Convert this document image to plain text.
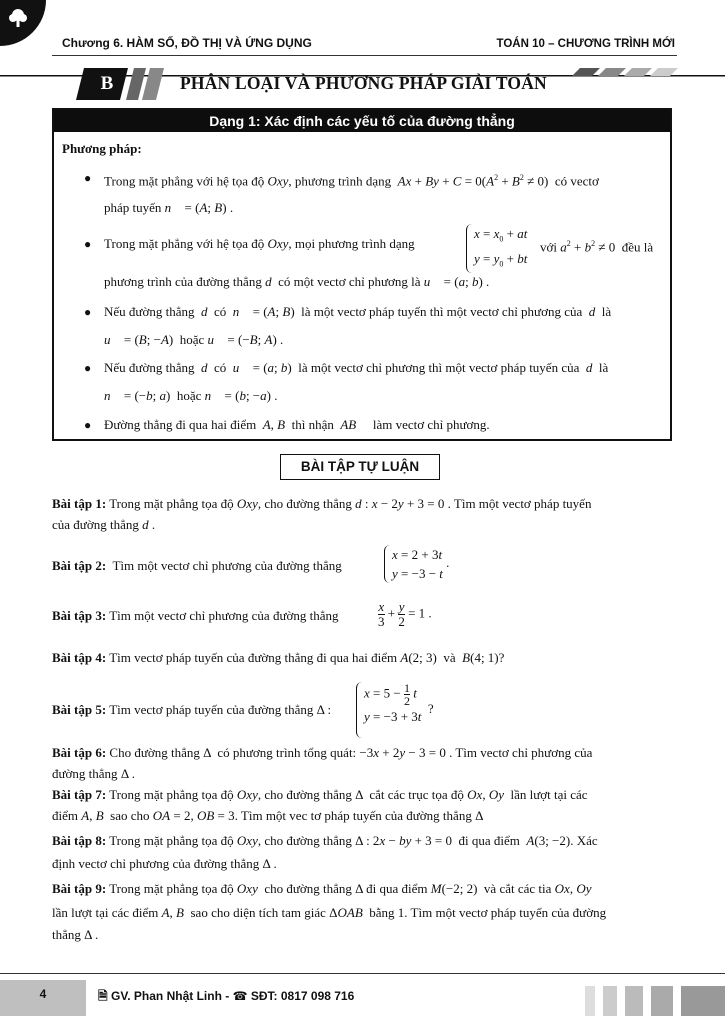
Chương 6. HÀM SỐ, ĐỒ THỊ VÀ ỨNG DỤNG	TOÁN 10 – CHƯƠNG TRÌNH MỚI
B	PHÂN LOẠI VÀ PHƯƠNG PHÁP GIẢI TOÁN
Dạng 1: Xác định các yếu tố của đường thẳng
Phương pháp:
● Trong mặt phẳng với hệ tọa độ Oxy, phương trình dạng $Ax + By + C = 0(A^2 + B^2 \ne 0)$  có vectơ
pháp tuyến n⃗ = (A; B) .
● Trong mặt phẳng với hệ tọa độ Oxy, mọi phương trình dạng
$x = x_0$ + at
$y = y_0$ + bt
với $a^2 + b^2 \ne 0$  đều là
phương trình của đường thẳng d có một vectơ chỉ phương là u⃗ = (a; b) .
● Nếu đường thẳng d có n⃗ = (A; B)  là một vectơ pháp tuyến thì một vectơ chỉ phương của d là
u⃗ = (B; −A)  hoặc u⃗ = (−B; A) .
● Nếu đường thẳng d có u⃗ = (a; b)  là một vectơ chỉ phương thì một vectơ pháp tuyến của d là
n⃗ = (−b; a)  hoặc n⃗ = (b; −a) .
● Đường thẳng đi qua hai điểm A, B thì nhận AB⃗ làm vectơ chỉ phương.
BÀI TẬP TỰ LUẬN
Bài tập 1: Trong mặt phẳng tọa độ Oxy, cho đường thẳng d : x − 2y + 3 = 0 . Tìm một vectơ pháp tuyến
của đường thẳng d .
Bài tập 2: Tìm một vectơ chỉ phương của đường thẳng
x = 2 + 3t
y = −3 − t .
Bài tập 3: Tìm một vectơ chỉ phương của đường thẳng	$\frac{x}{3} + \frac{y}{2} = 1$ .
Bài tập 4: Tìm vectơ pháp tuyến của đường thẳng đi qua hai điểm A(2; 3)  và B(4; 1)?
Bài tập 5: Tìm vectơ pháp tuyến của đường thẳng Δ :
x = 5 − 1

2
t
y = −3 + 3t  ?
Bài tập 6: Cho đường thẳng Δ  có phương trình tổng quát: −3x + 2y − 3 = 0 . Tìm vectơ chỉ phương của
đường thẳng Δ .
Bài tập 7: Trong mặt phẳng tọa độ Oxy, cho đường thẳng Δ  cắt các trục tọa độ Ox, Oy lần lượt tại các
điểm A, B sao cho OA = 2, OB = 3. Tìm một vec tơ pháp tuyến của đường thẳng Δ
Bài tập 8: Trong mặt phẳng tọa độ Oxy, cho đường thẳng Δ : 2x − by + 3 = 0  đi qua điểm A(3; −2). Xác
định vectơ chỉ phương của đường thẳng Δ .
Bài tập 9: Trong mặt phẳng tọa độ Oxy cho đường thẳng Δ đi qua điểm M(−2; 2)  và cắt các tia Ox, Oy
lần lượt tại các điểm A, B sao cho diện tích tam giác ΔOAB bằng 1. Tìm một vectơ pháp tuyến của đường
thẳng Δ .
4	🗎 GV. Phan Nhật Linh - ☎ SĐT: 0817 098 716
